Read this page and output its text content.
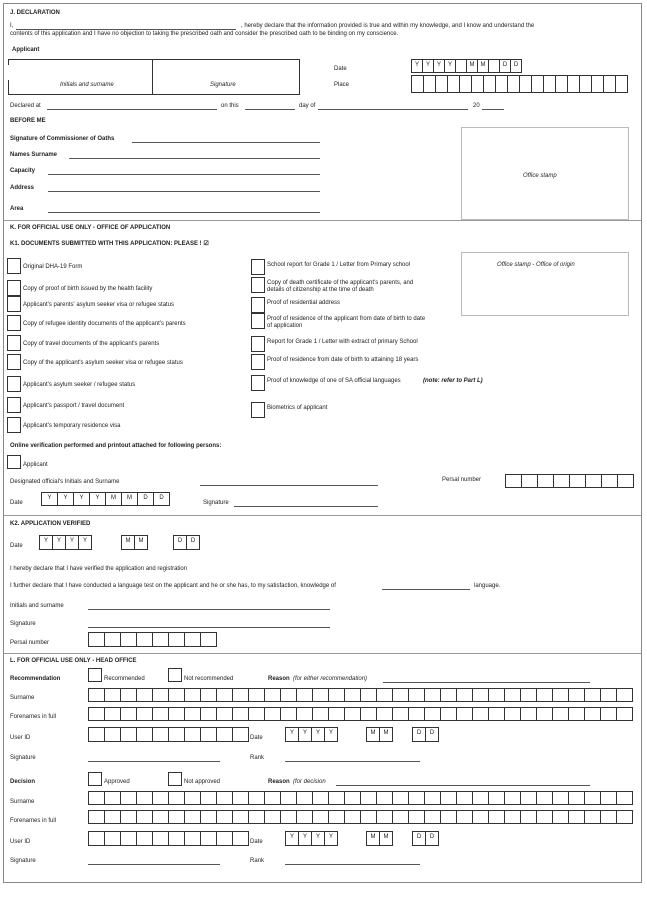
J. DECLARATION
I,	, hereby declare that the information provided is true and within my knowledge, and I know and understand the
contents of this application and I have no objection to taking the prescribed oath and consider the prescribed oath to be binding on my conscience.
Applicant
Initials and surname	Signature
Date
Place
Declared at	on this	day of	20
BEFORE ME
Signature of Commissioner of Oaths
Names Surname
Capacity
Address
Area
Office stamp
K. FOR OFFICIAL USE ONLY - OFFICE OF APPLICATION
K1. DOCUMENTS SUBMITTED WITH THIS APPLICATION: PLEASE ! ☑
Office stamp - Office of origin
Online verification performed and printout attached for following persons:
Applicant
Designated official's Initials and Surname	Persal number
Date	Signature
K2. APPLICATION VERIFIED
Date
I hereby declare that I have verified the application and registration
I further declare that I have conducted a language test on the applicant and he or she has, to my satisfaction, knowledge of	language.
Initials and surname
Signature
Persal number
L. FOR OFFICIAL USE ONLY - HEAD OFFICE
Recommendation	Recommended	Not recommended	Reason (for either recommendation)
Surname
Forenames in full
User ID	Date
Signature	Rank
Decision	Approved	Not approved	Reason (for decision
Surname
Forenames in full
User ID	Date
Signature	Rank
Y	Y	Y	Y	M	M	D	D
Original DHA-19 Form
Copy of proof of birth issued by the health facility
Applicant's parents' asylum seeker visa or refugee status
Copy of refugee identity documents of the applicant's parents
Copy of travel documents of the applicant's parents
Copy of the applicant's asylum seeker visa or refugee status
Applicant's asylum seeker / refugee status
Applicant's passport / travel document
Applicant's temporary residence visa
School report for Grade 1 / Letter from Primary school
Copy of death certificate of the applicant's parents, and
details of citizenship at the time of death
Proof of residential address
Proof of residence of the applicant from date of birth to date
of application
Report for Grade 1 / Letter with extract of primary School
Proof of residence from date of birth to attaining 18 years
Proof of knowledge of one of SA official languages	(note: refer to Part L)
Biometrics of applicant
Y	Y	Y	Y	M	M	D	D
Y	Y	Y	Y	M	M	D	D
Y	Y	Y	Y	M	M	D	D
Y	Y	Y	Y	M	M	D	D
